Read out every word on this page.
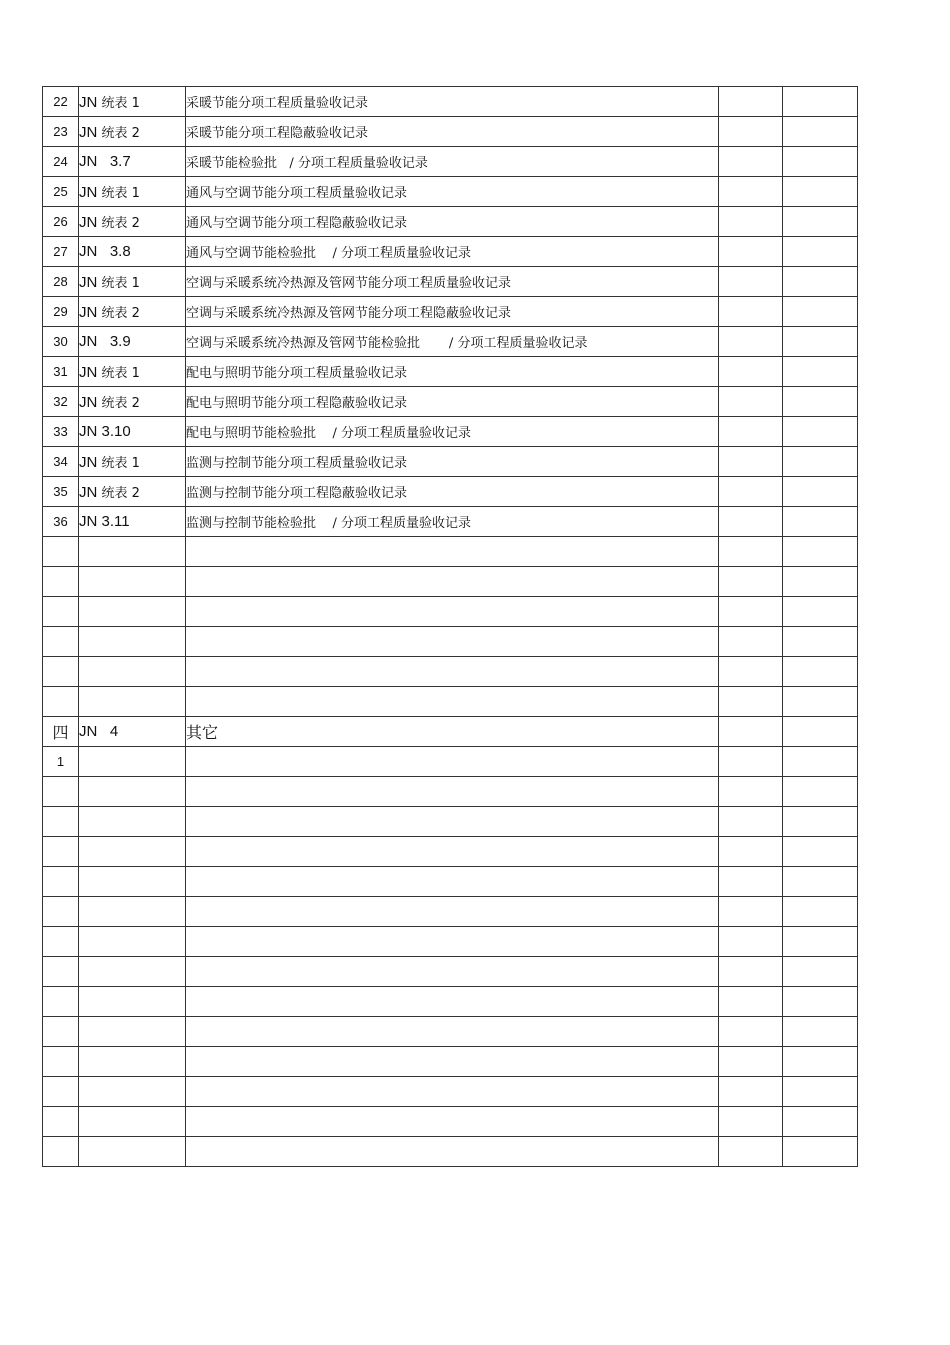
22	JN 统表 1	采暖节能分项工程质量验收记录		
23	JN 统表 2	采暖节能分项工程隐蔽验收记录		
24	JN   3.7	采暖节能检验批   / 分项工程质量验收记录		
25	JN 统表 1	通风与空调节能分项工程质量验收记录		
26	JN 统表 2	通风与空调节能分项工程隐蔽验收记录		
27	JN   3.8	通风与空调节能检验批    / 分项工程质量验收记录		
28	JN 统表 1	空调与采暖系统冷热源及管网节能分项工程质量验收记录		
29	JN 统表 2	空调与采暖系统冷热源及管网节能分项工程隐蔽验收记录		
30	JN   3.9	空调与采暖系统冷热源及管网节能检验批       / 分项工程质量验收记录		
31	JN 统表 1	配电与照明节能分项工程质量验收记录		
32	JN 统表 2	配电与照明节能分项工程隐蔽验收记录		
33	JN 3.10	配电与照明节能检验批    / 分项工程质量验收记录		
34	JN 统表 1	监测与控制节能分项工程质量验收记录		
35	JN 统表 2	监测与控制节能分项工程隐蔽验收记录		
36	JN 3.11	监测与控制节能检验批    / 分项工程质量验收记录		

四	JN   4	其它		
1				
